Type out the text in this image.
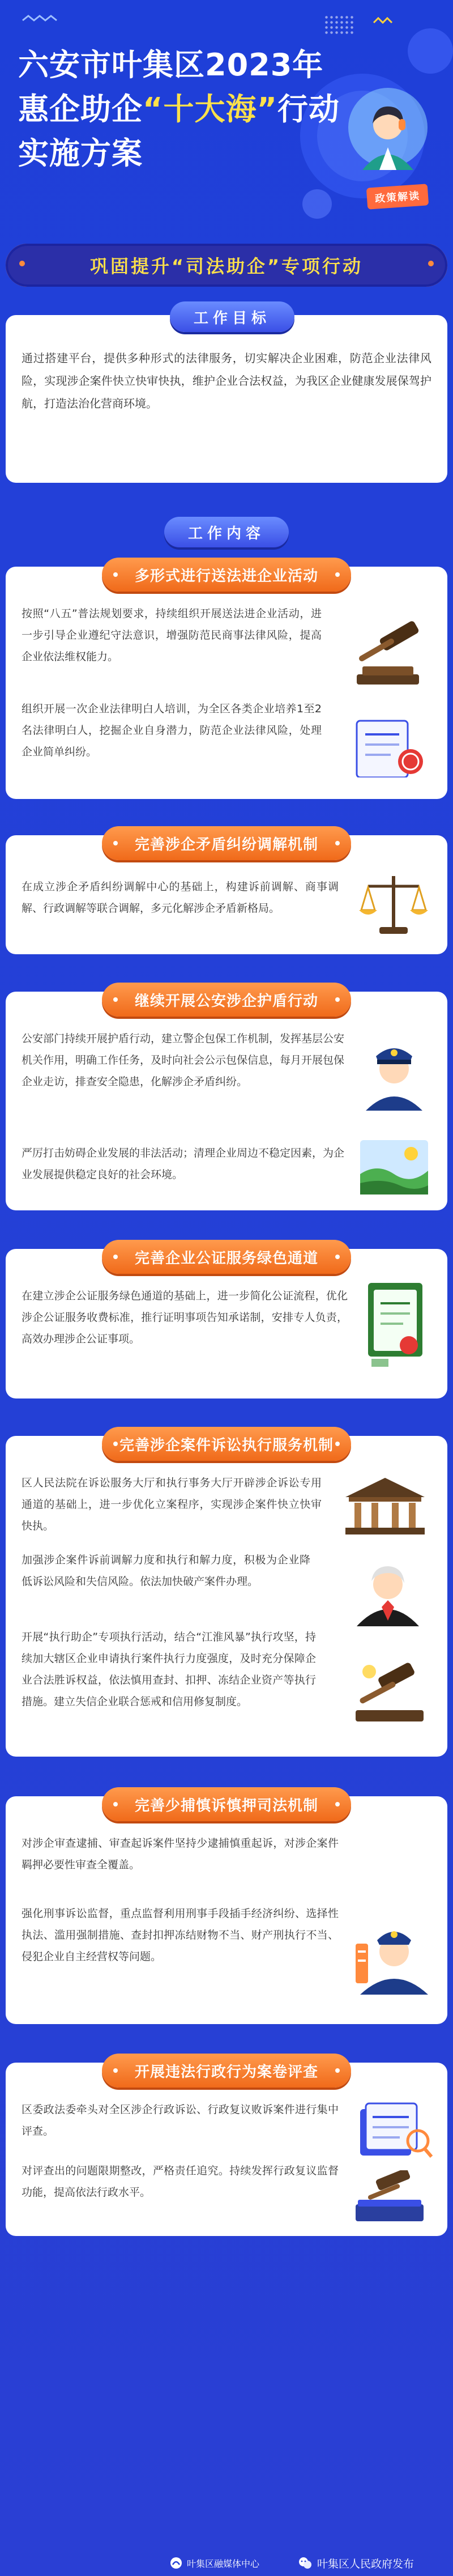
六安市叶集区2023年
惠企助企“十大海”行动
实施方案
政策解读
巩固提升“司法助企”专项行动
工作目标
通过搭建平台，提供多种形式的法律服务，切实解决企业困难，防范企业法律风险，实现涉企案件快立快审快执，维护企业合法权益，为我区企业健康发展保驾护航，打造法治化营商环境。
工作内容
多形式进行送法进企业活动
按照“八五”普法规划要求，持续组织开展送法进企业活动，进一步引导企业遵纪守法意识，增强防范民商事法律风险，提高企业依法维权能力。
组织开展一次企业法律明白人培训，为全区各类企业培养1至2名法律明白人，挖掘企业自身潜力，防范企业法律风险，处理企业简单纠纷。
完善涉企矛盾纠纷调解机制
在成立涉企矛盾纠纷调解中心的基础上，构建诉前调解、商事调解、行政调解等联合调解，多元化解涉企矛盾新格局。
继续开展公安涉企护盾行动
公安部门持续开展护盾行动，建立警企包保工作机制，发挥基层公安机关作用，明确工作任务，及时向社会公示包保信息，每月开展包保企业走访，排查安全隐患，化解涉企矛盾纠纷。
严厉打击妨碍企业发展的非法活动；清理企业周边不稳定因素，为企业发展提供稳定良好的社会环境。
完善企业公证服务绿色通道
在建立涉企公证服务绿色通道的基础上，进一步简化公证流程，优化涉企公证服务收费标准，推行证明事项告知承诺制，安排专人负责，高效办理涉企公证事项。
完善涉企案件诉讼执行服务机制
区人民法院在诉讼服务大厅和执行事务大厅开辟涉企诉讼专用通道的基础上，进一步优化立案程序，实现涉企案件快立快审快执。
加强涉企案件诉前调解力度和执行和解力度，积极为企业降低诉讼风险和失信风险。依法加快破产案件办理。
开展“执行助企”专项执行活动，结合“江淮风暴”执行攻坚，持续加大辖区企业申请执行案件执行力度强度，及时充分保障企业合法胜诉权益，依法慎用查封、扣押、冻结企业资产等执行措施。建立失信企业联合惩戒和信用修复制度。
完善少捕慎诉慎押司法机制
对涉企审查逮捕、审查起诉案件坚持少逮捕慎重起诉，对涉企案件羁押必要性审查全覆盖。
强化刑事诉讼监督，重点监督利用刑事手段插手经济纠纷、选择性执法、滥用强制措施、查封扣押冻结财物不当、财产刑执行不当、侵犯企业自主经营权等问题。
开展违法行政行为案卷评查
区委政法委牵头对全区涉企行政诉讼、行政复议败诉案件进行集中评查。
对评查出的问题限期整改，严格责任追究。持续发挥行政复议监督功能，提高依法行政水平。
叶集区融媒体中心	叶集区人民政府发布
